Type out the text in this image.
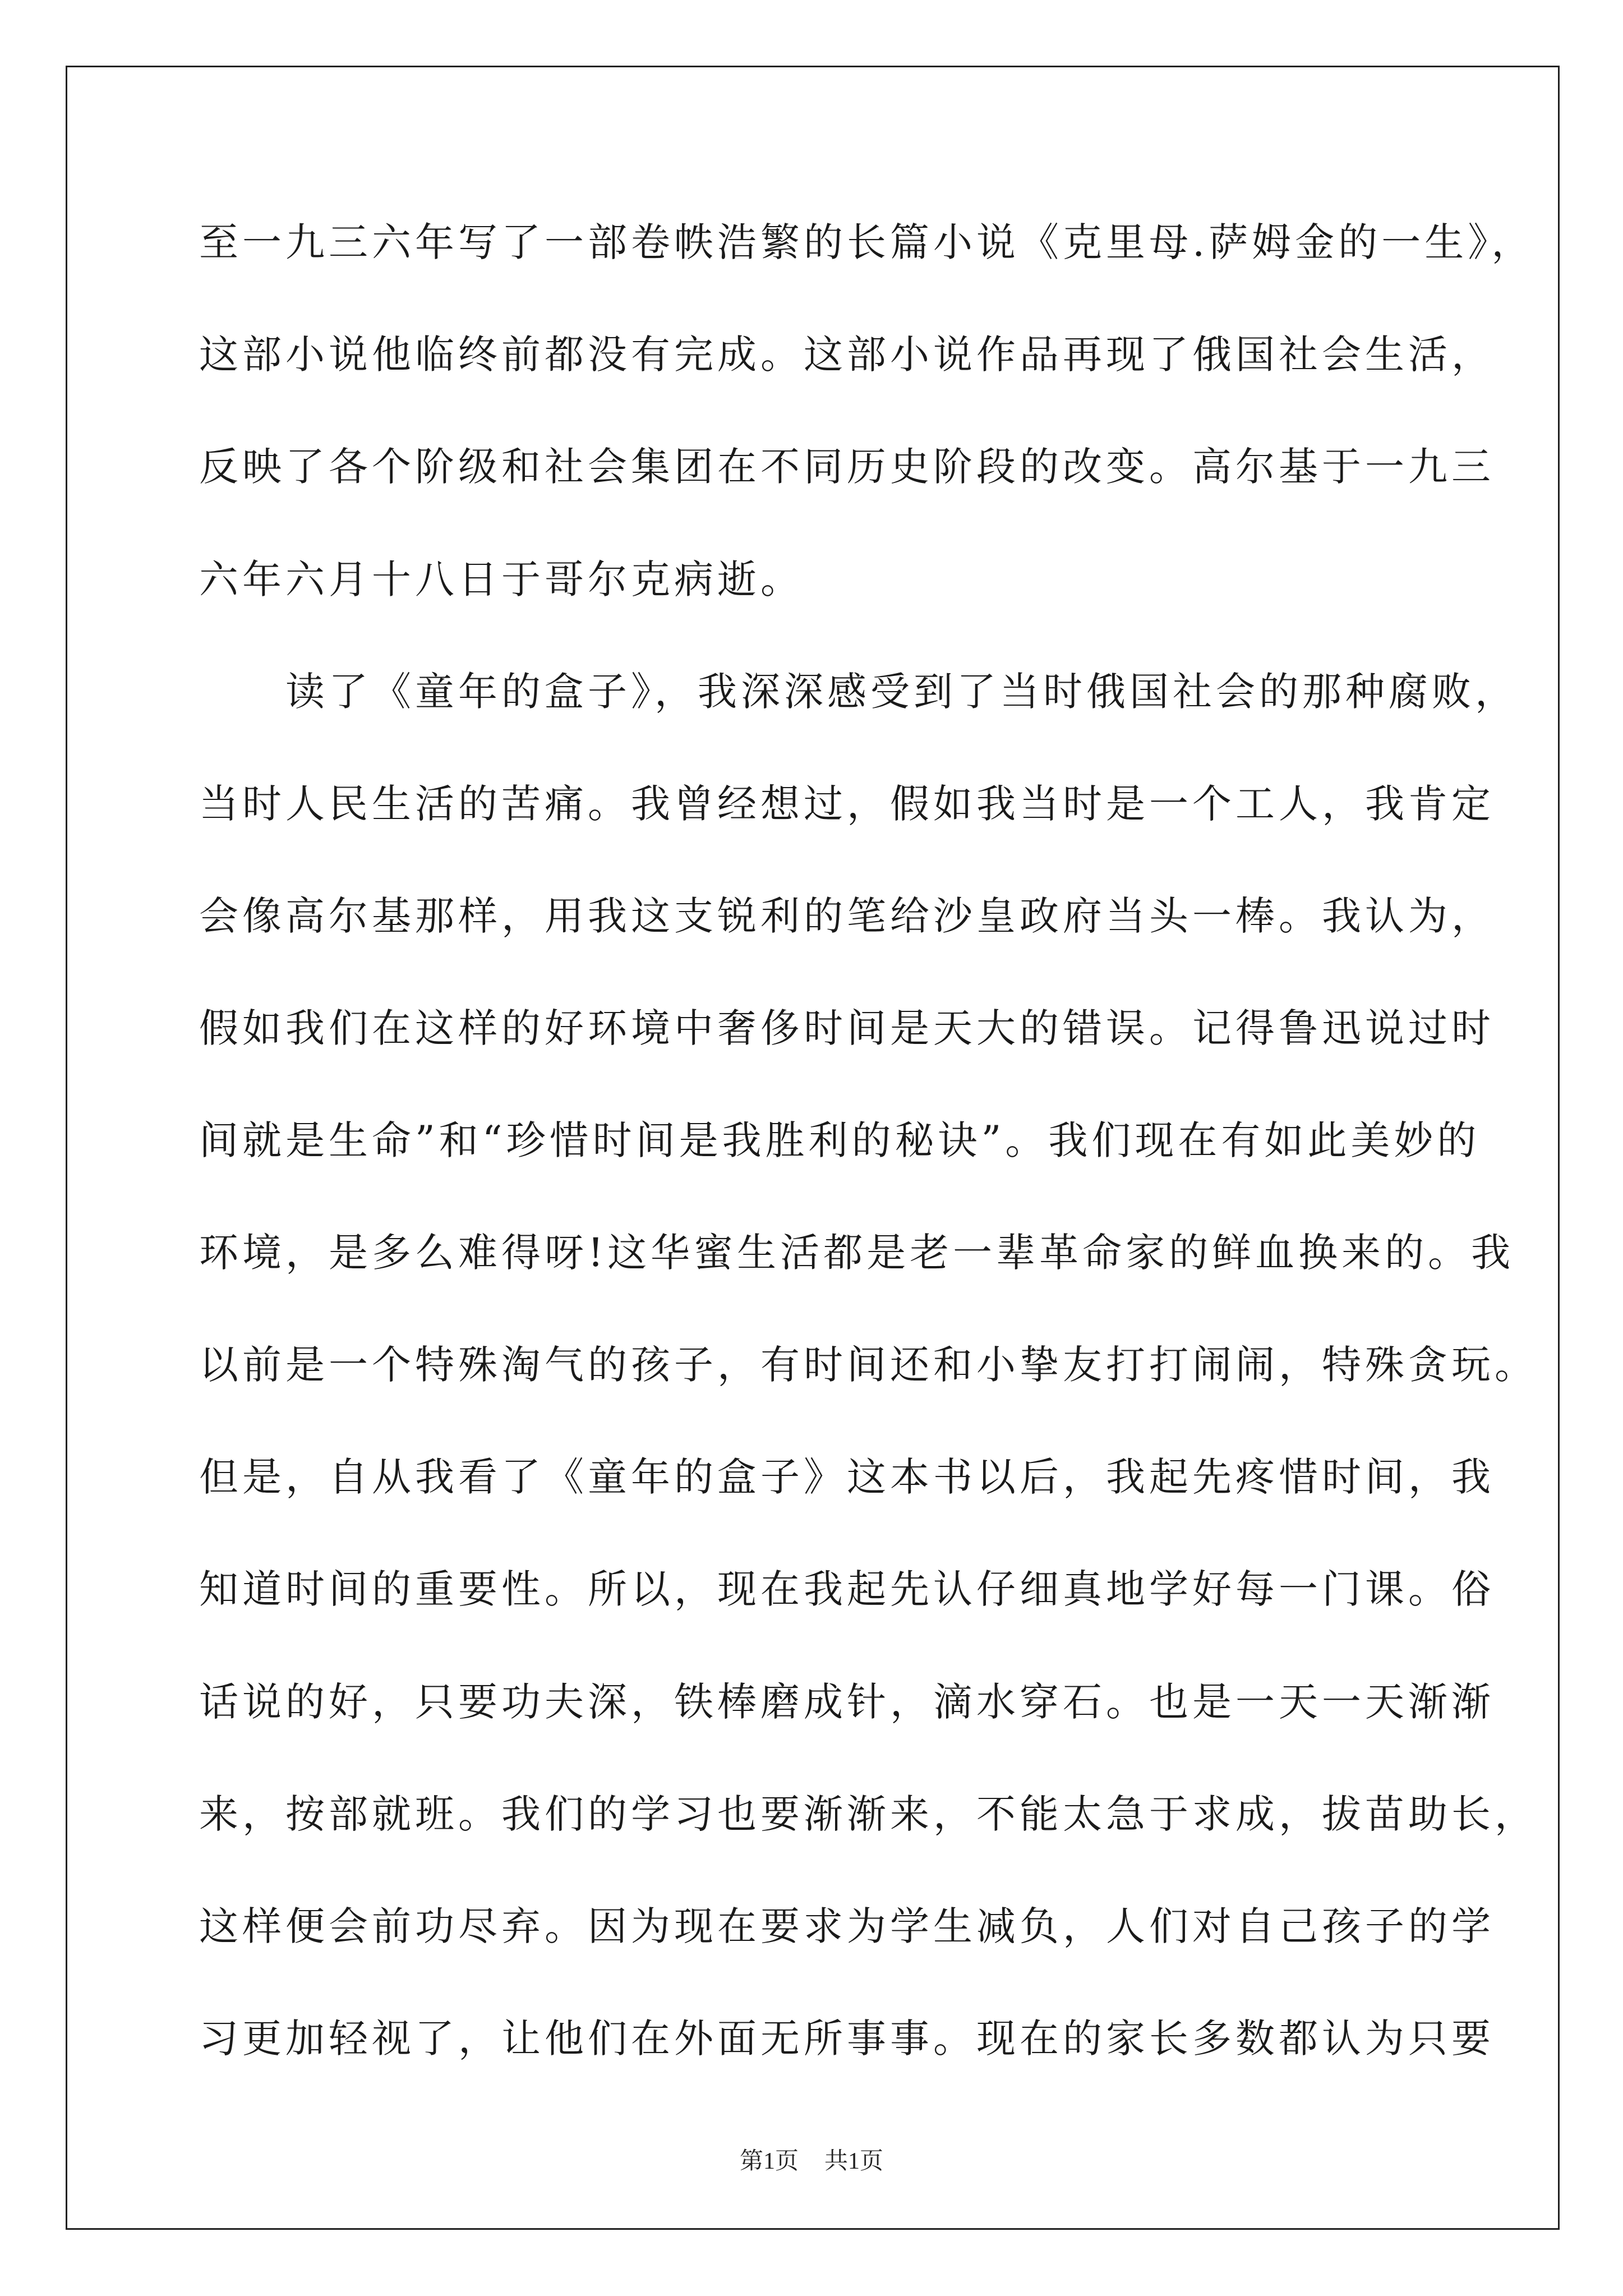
至一九三六年写了一部卷帙浩繁的长篇小说《克里母.萨姆金的一生》，
这部小说他临终前都没有完成。这部小说作品再现了俄国社会生活，
反映了各个阶级和社会集团在不同历史阶段的改变。高尔基于一九三
六年六月十八日于哥尔克病逝。
　　读了《童年的盒子》，我深深感受到了当时俄国社会的那种腐败，
当时人民生活的苦痛。我曾经想过，假如我当时是一个工人，我肯定
会像高尔基那样，用我这支锐利的笔给沙皇政府当头一棒。我认为，
假如我们在这样的好环境中奢侈时间是天大的错误。记得鲁迅说过时
间就是生命”和“珍惜时间是我胜利的秘诀”。我们现在有如此美妙的
环境，是多么难得呀!这华蜜生活都是老一辈革命家的鲜血换来的。我
以前是一个特殊淘气的孩子，有时间还和小挚友打打闹闹，特殊贪玩。
但是，自从我看了《童年的盒子》这本书以后，我起先疼惜时间，我
知道时间的重要性。所以，现在我起先认仔细真地学好每一门课。俗
话说的好，只要功夫深，铁棒磨成针，滴水穿石。也是一天一天渐渐
来，按部就班。我们的学习也要渐渐来，不能太急于求成，拔苗助长，
这样便会前功尽弃。因为现在要求为学生减负，人们对自己孩子的学
习更加轻视了，让他们在外面无所事事。现在的家长多数都认为只要
第1页 共1页
